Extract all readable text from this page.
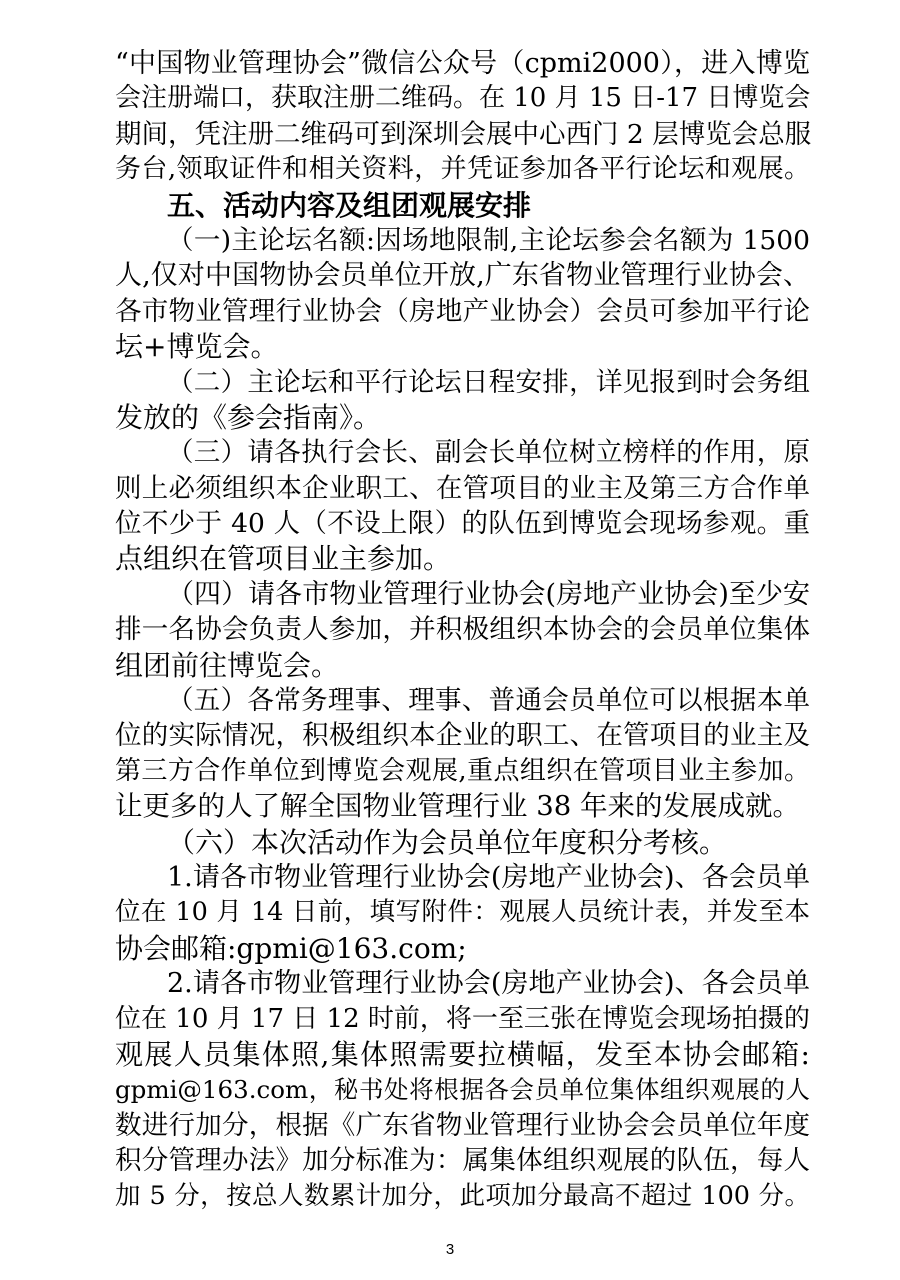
“中国物业管理协会”微信公众号（cpmi2000），进入博览
会注册端口，获取注册二维码。在 10 月 15 日-17 日博览会
期间，凭注册二维码可到深圳会展中心西门 2 层博览会总服
务台,领取证件和相关资料，并凭证参加各平行论坛和观展。
五、活动内容及组团观展安排
（一)主论坛名额:因场地限制,主论坛参会名额为 1500
人,仅对中国物协会员单位开放,广东省物业管理行业协会、
各市物业管理行业协会（房地产业协会）会员可参加平行论
坛+博览会。
（二）主论坛和平行论坛日程安排，详见报到时会务组
发放的《参会指南》。
（三）请各执行会长、副会长单位树立榜样的作用，原
则上必须组织本企业职工、在管项目的业主及第三方合作单
位不少于 40 人（不设上限）的队伍到博览会现场参观。重
点组织在管项目业主参加。
（四）请各市物业管理行业协会(房地产业协会)至少安
排一名协会负责人参加，并积极组织本协会的会员单位集体
组团前往博览会。
（五）各常务理事、理事、普通会员单位可以根据本单
位的实际情况，积极组织本企业的职工、在管项目的业主及
第三方合作单位到博览会观展,重点组织在管项目业主参加。
让更多的人了解全国物业管理行业 38 年来的发展成就。
（六）本次活动作为会员单位年度积分考核。
1.请各市物业管理行业协会(房地产业协会)、各会员单
位在 10 月 14 日前，填写附件：观展人员统计表，并发至本
协会邮箱:gpmi@163.com;
2.请各市物业管理行业协会(房地产业协会)、各会员单
位在 10 月 17 日 12 时前，将一至三张在博览会现场拍摄的
观展人员集体照,集体照需要拉横幅，发至本协会邮箱:
gpmi@163.com，秘书处将根据各会员单位集体组织观展的人
数进行加分，根据《广东省物业管理行业协会会员单位年度
积分管理办法》加分标准为：属集体组织观展的队伍，每人
加 5 分，按总人数累计加分，此项加分最高不超过 100 分。
3
